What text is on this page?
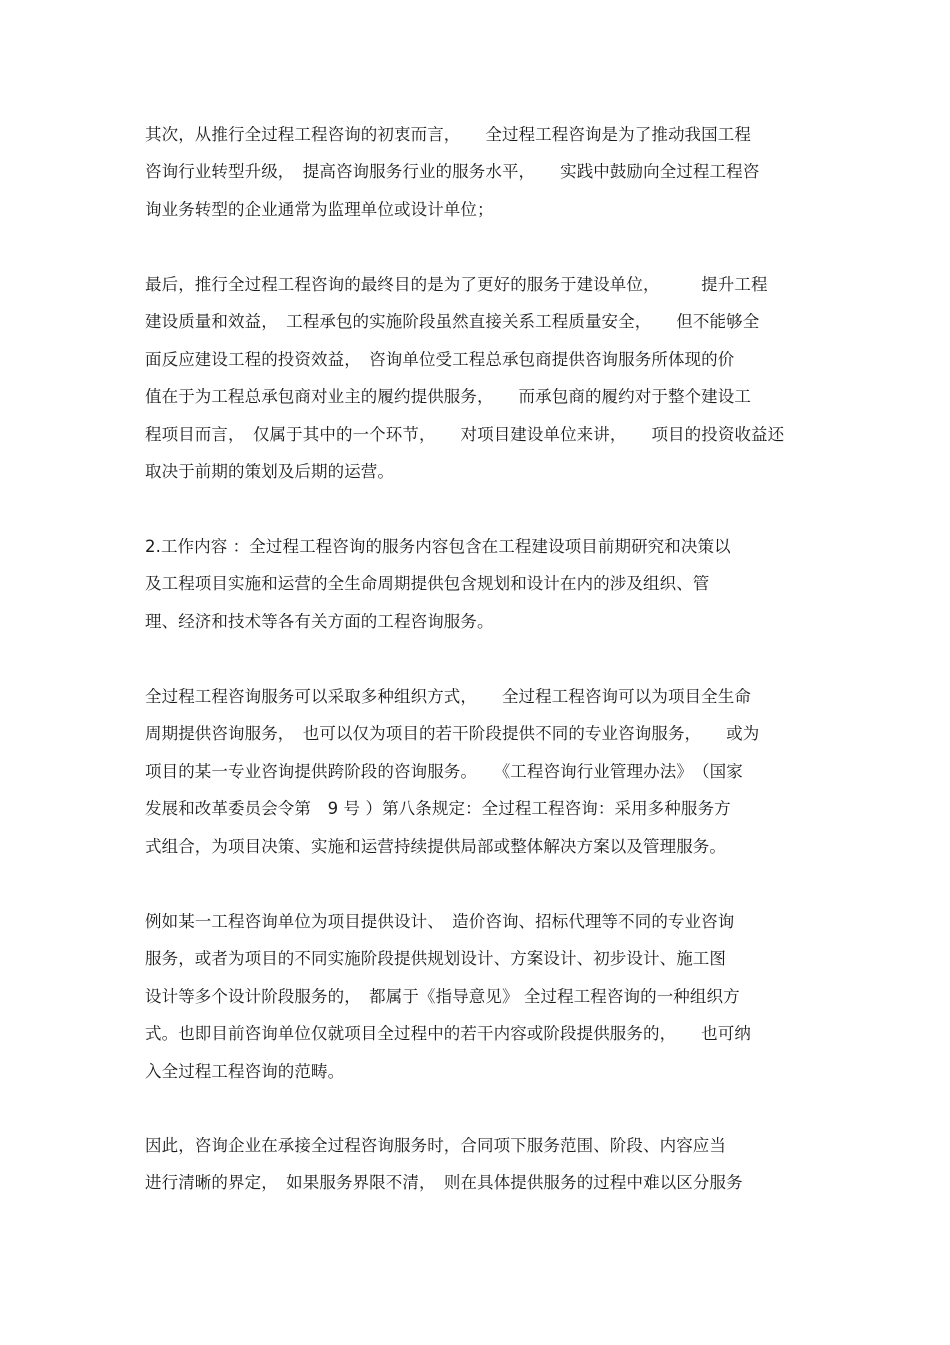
其次，从推行全过程工程咨询的初衷而言，　　全过程工程咨询是为了推动我国工程
咨询行业转型升级，　提高咨询服务行业的服务水平，　　实践中鼓励向全过程工程咨
询业务转型的企业通常为监理单位或设计单位；
最后，推行全过程工程咨询的最终目的是为了更好的服务于建设单位，　　　提升工程
建设质量和效益，　工程承包的实施阶段虽然直接关系工程质量安全，　　但不能够全
面反应建设工程的投资效益，　咨询单位受工程总承包商提供咨询服务所体现的价
值在于为工程总承包商对业主的履约提供服务，　　而承包商的履约对于整个建设工
程项目而言，　仅属于其中的一个环节，　　对项目建设单位来讲，　　项目的投资收益还
取决于前期的策划及后期的运营。
2.工作内容 ：全过程工程咨询的服务内容包含在工程建设项目前期研究和决策以
及工程项目实施和运营的全生命周期提供包含规划和设计在内的涉及组织、管
理、经济和技术等各有关方面的工程咨询服务。
全过程工程咨询服务可以采取多种组织方式，　　全过程工程咨询可以为项目全生命
周期提供咨询服务，　也可以仅为项目的若干阶段提供不同的专业咨询服务，　　或为
项目的某一专业咨询提供跨阶段的咨询服务。　　《工程咨询行业管理办法》　（国家
发展和改革委员会令第　9 号 ）第八条规定：全过程工程咨询：采用多种服务方
式组合，为项目决策、实施和运营持续提供局部或整体解决方案以及管理服务。
例如某一工程咨询单位为项目提供设计、　造价咨询、招标代理等不同的专业咨询
服务，或者为项目的不同实施阶段提供规划设计、方案设计、初步设计、施工图
设计等多个设计阶段服务的，　都属于《指导意见》 全过程工程咨询的一种组织方
式。也即目前咨询单位仅就项目全过程中的若干内容或阶段提供服务的，　　也可纳
入全过程工程咨询的范畴。
因此，咨询企业在承接全过程咨询服务时，合同项下服务范围、阶段、内容应当
进行清晰的界定，　如果服务界限不清，　则在具体提供服务的过程中难以区分服务
